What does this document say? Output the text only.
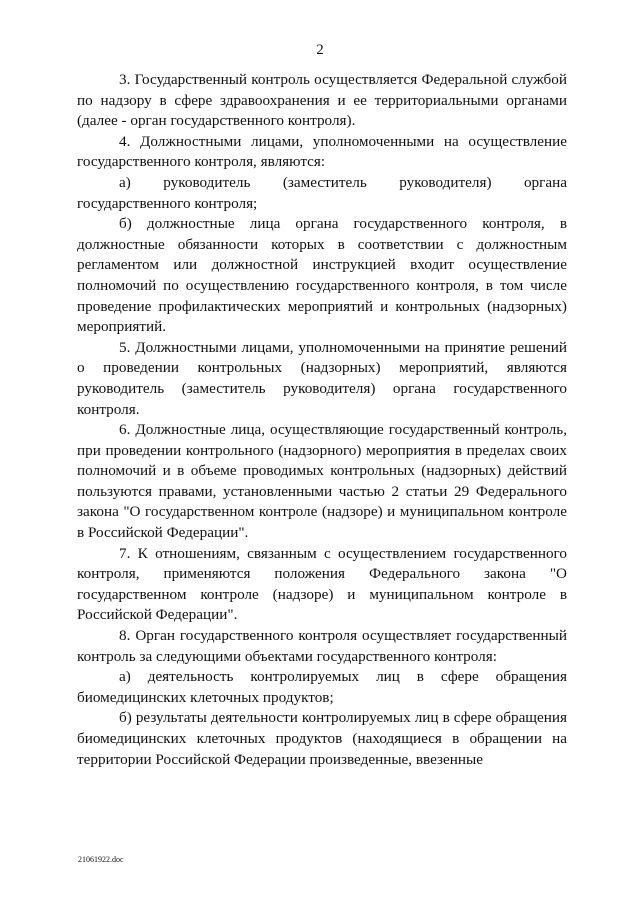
2

3. Государственный контроль осуществляется Федеральной службой по надзору в сфере здравоохранения и ее территориальными органами (далее - орган государственного контроля).

4. Должностными лицами, уполномоченными на осуществление государственного контроля, являются:

а) руководитель (заместитель руководителя) органа государственного контроля;

б) должностные лица органа государственного контроля, в должностные обязанности которых в соответствии с должностным регламентом или должностной инструкцией входит осуществление полномочий по осуществлению государственного контроля, в том числе проведение профилактических мероприятий и контрольных (надзорных) мероприятий.

5. Должностными лицами, уполномоченными на принятие решений о проведении контрольных (надзорных) мероприятий, являются руководитель (заместитель руководителя) органа государственного контроля.

6. Должностные лица, осуществляющие государственный контроль, при проведении контрольного (надзорного) мероприятия в пределах своих полномочий и в объеме проводимых контрольных (надзорных) действий пользуются правами, установленными частью 2 статьи 29 Федерального закона "О государственном контроле (надзоре) и муниципальном контроле в Российской Федерации".

7. К отношениям, связанным с осуществлением государственного контроля, применяются положения Федерального закона "О государственном контроле (надзоре) и муниципальном контроле в Российской Федерации".

8. Орган государственного контроля осуществляет государственный контроль за следующими объектами государственного контроля:

а) деятельность контролируемых лиц в сфере обращения биомедицинских клеточных продуктов;

б) результаты деятельности контролируемых лиц в сфере обращения биомедицинских клеточных продуктов (находящиеся в обращении на территории Российской Федерации произведенные, ввезенные

21061922.doc
